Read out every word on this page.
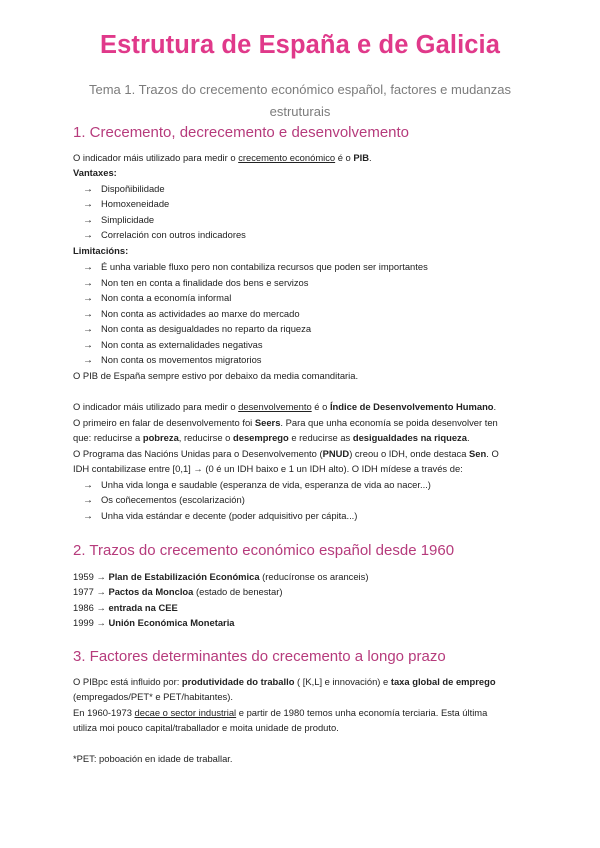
Estrutura de España e de Galicia

Tema 1. Trazos do crecemento económico español, factores e mudanzas estruturais

1. Crecemento, decrecemento e desenvolvemento
O indicador máis utilizado para medir o crecemento económico é o PIB.
Vantaxes:
→ Dispoñibilidade
→ Homoxeneidade
→ Simplicidade
→ Correlación con outros indicadores
Limitacións:
→ É unha variable fluxo pero non contabiliza recursos que poden ser importantes
→ Non ten en conta a finalidade dos bens e servizos
→ Non conta a economía informal
→ Non conta as actividades ao marxe do mercado
→ Non conta as desigualdades no reparto da riqueza
→ Non conta as externalidades negativas
→ Non conta os movementos migratorios
O PIB de España sempre estivo por debaixo da media comanditaria.
O indicador máis utilizado para medir o desenvolvemento é o Índice de Desenvolvemento Humano.
O primeiro en falar de desenvolvemento foi Seers. Para que unha economía se poida desenvolver ten
que: reducirse a pobreza, reducirse o desemprego e reducirse as desigualdades na riqueza.
O Programa das Nacións Unidas para o Desenvolvemento (PNUD) creou o IDH, onde destaca Sen. O
IDH contabilizase entre [0,1] → (0 é un IDH baixo e 1 un IDH alto). O IDH mídese a través de:
→ Unha vida longa e saudable (esperanza de vida, esperanza de vida ao nacer...)
→ Os coñecementos (escolarización)
→ Unha vida estándar e decente (poder adquisitivo per cápita...)
2. Trazos do crecemento económico español desde 1960
1959 → Plan de Estabilización Económica (reducíronse os aranceis)
1977 → Pactos da Moncloa (estado de benestar)
1986 → entrada na CEE
1999 → Unión Económica Monetaria
3. Factores determinantes do crecemento a longo prazo
O PIBpc está influido por: produtividade do traballo ( [K,L] e innovación) e taxa global de emprego
(empregados/PET* e PET/habitantes).
En 1960-1973 decae o sector industrial e partir de 1980 temos unha economía terciaria. Esta última
utiliza moi pouco capital/traballador e moita unidade de produto.
*PET: poboación en idade de traballar.
